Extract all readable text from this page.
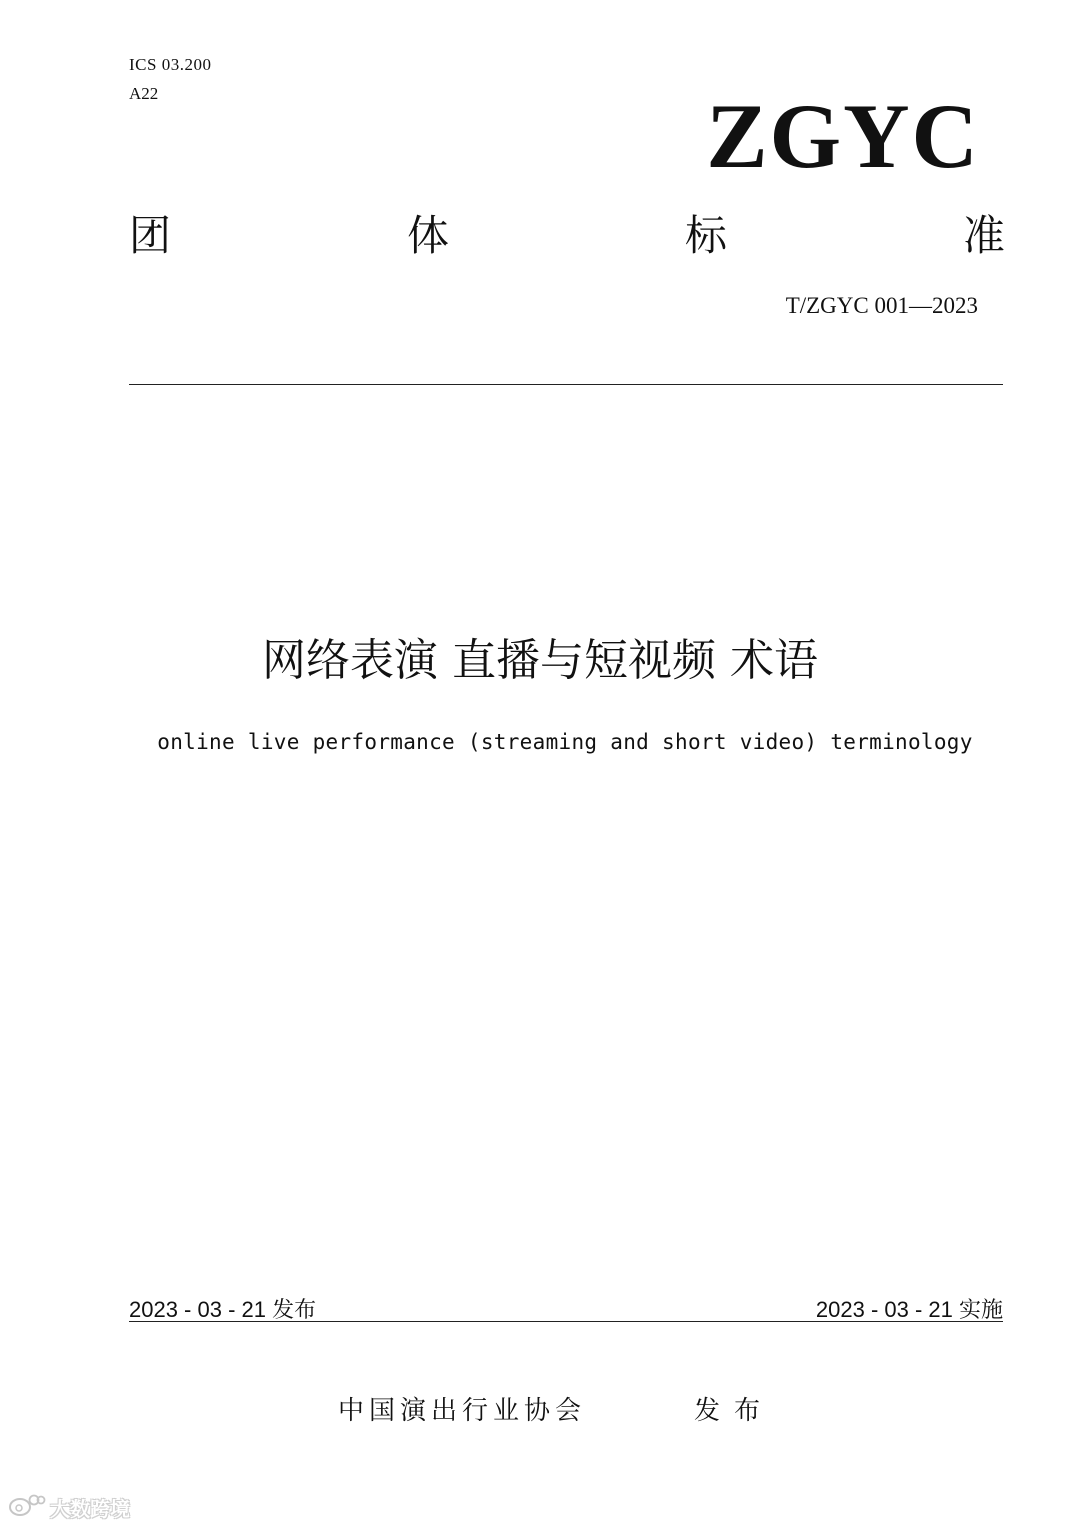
ICS 03.200
A22	ZGYC
团	体	标	准
T/ZGYC 001—2023
网络表演 直播与短视频 术语
online live performance (streaming and short video) terminology
2023 - 03 - 21 发布	2023 - 03 - 21 实施
中国演出行业协会	发布
大数跨境
